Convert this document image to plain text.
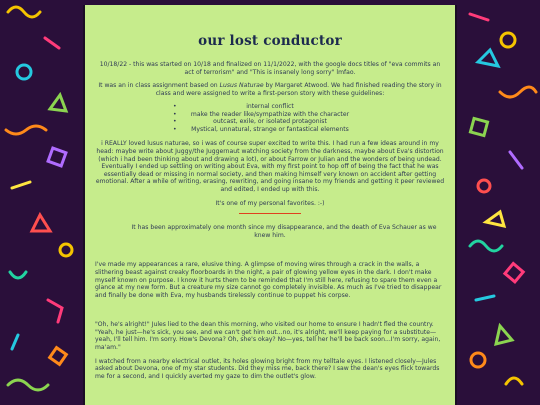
our lost conductor

10/18/22 - this was started on 10/18 and finalized on 11/1/2022, with the google docs titles of "eva commits an act of terrorism" and "This is insanely long sorry" lmfao.

It was an in class assignment based on Lusus Naturae by Margaret Atwood. We had finished reading the story in class and were assigned to write a first-person story with these guidelines:

• internal conflict
• make the reader like/sympathize with the character
• outcast, exile, or isolated protagonist
• Mystical, unnatural, strange or fantastical elements

i REALLY loved lusus naturae, so i was of course super excited to write this. I had run a few ideas around in my head: maybe write about Juggy/the Juggernaut watching society from the darkness, maybe about Eva's distortion (which i had been thinking about and drawing a lot), or about Farrow or Julian and the wonders of being undead. Eventually I ended up settling on writing about Eva, with my first point to hop off of being the fact that he was essentially dead or missing in normal society, and then making himself very known on accident after getting emotional. After a while of writing, erasing, rewriting, and going insane to my friends and getting it peer reviewed and edited, I ended up with this.

It's one of my personal favorites. :-)

It has been approximately one month since my disappearance, and the death of Eva Schauer as we knew him.

I've made my appearances a rare, elusive thing. A glimpse of moving wires through a crack in the walls, a slithering beast against creaky floorboards in the night, a pair of glowing yellow eyes in the dark. I don't make myself known on purpose. I know it hurts them to be reminded that I'm still here, refusing to spare them even a glance at my new form. But a creature my size cannot go completely invisible. As much as I've tried to disappear and finally be done with Eva, my husbands tirelessly continue to puppet his corpse.

"Oh, he's alright!" Jules lied to the dean this morning, who visited our home to ensure I hadn't fled the country. "Yeah, he just—he's sick, you see, and we can't get him out...no, it's alright, we'll keep paying for a substitute—yeah, I'll tell him. I'm sorry. How's Devona? Oh, she's okay? No—yes, tell her he'll be back soon...I'm sorry, again, ma'am."

I watched from a nearby electrical outlet, its holes glowing bright from my telltale eyes. I listened closely—Jules asked about Devona, one of my star students. Did they miss me, back there? I saw the dean's eyes flick towards me for a second, and I quickly averted my gaze to dim the outlet's glow.
